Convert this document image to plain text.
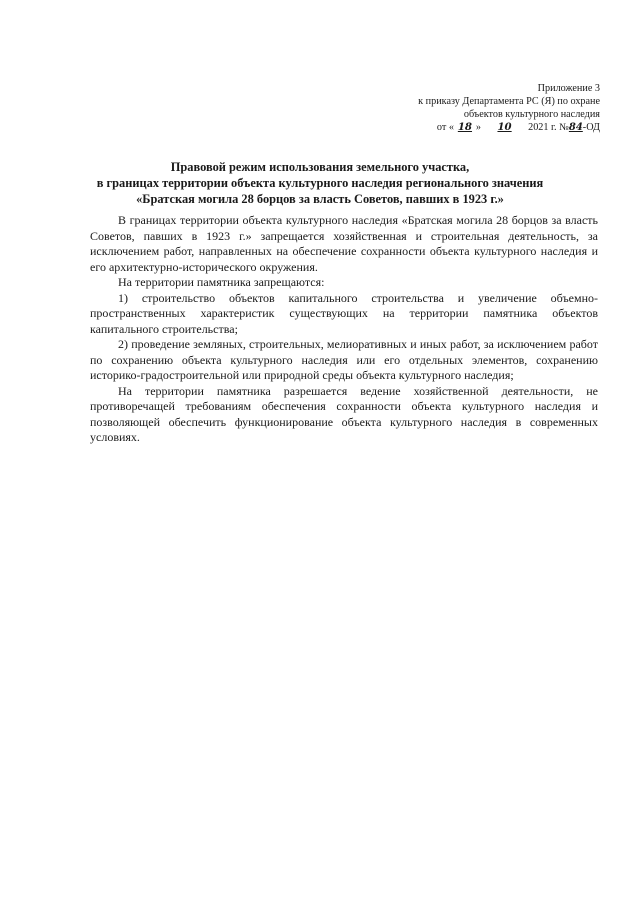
Приложение 3
к приказу Департамента РС (Я) по охране
объектов культурного наследия
от « 18 » 10 2021 г. №84-ОД
Правовой режим использования земельного участка,
в границах территории объекта культурного наследия регионального значения
«Братская могила 28 борцов за власть Советов, павших в 1923 г.»

В границах территории объекта культурного наследия «Братская могила 28 борцов за власть Советов, павших в 1923 г.» запрещается хозяйственная и строительная деятельность, за исключением работ, направленных на обеспечение сохранности объекта культурного наследия и его архитектурно-исторического окружения.

На территории памятника запрещаются:

1) строительство объектов капитального строительства и увеличение объемно-пространственных характеристик существующих на территории памятника объектов капитального строительства;

2) проведение земляных, строительных, мелиоративных и иных работ, за исключением работ по сохранению объекта культурного наследия или его отдельных элементов, сохранению историко-градостроительной или природной среды объекта культурного наследия;

На территории памятника разрешается ведение хозяйственной деятельности, не противоречащей требованиям обеспечения сохранности объекта культурного наследия и позволяющей обеспечить функционирование объекта культурного наследия в современных условиях.
